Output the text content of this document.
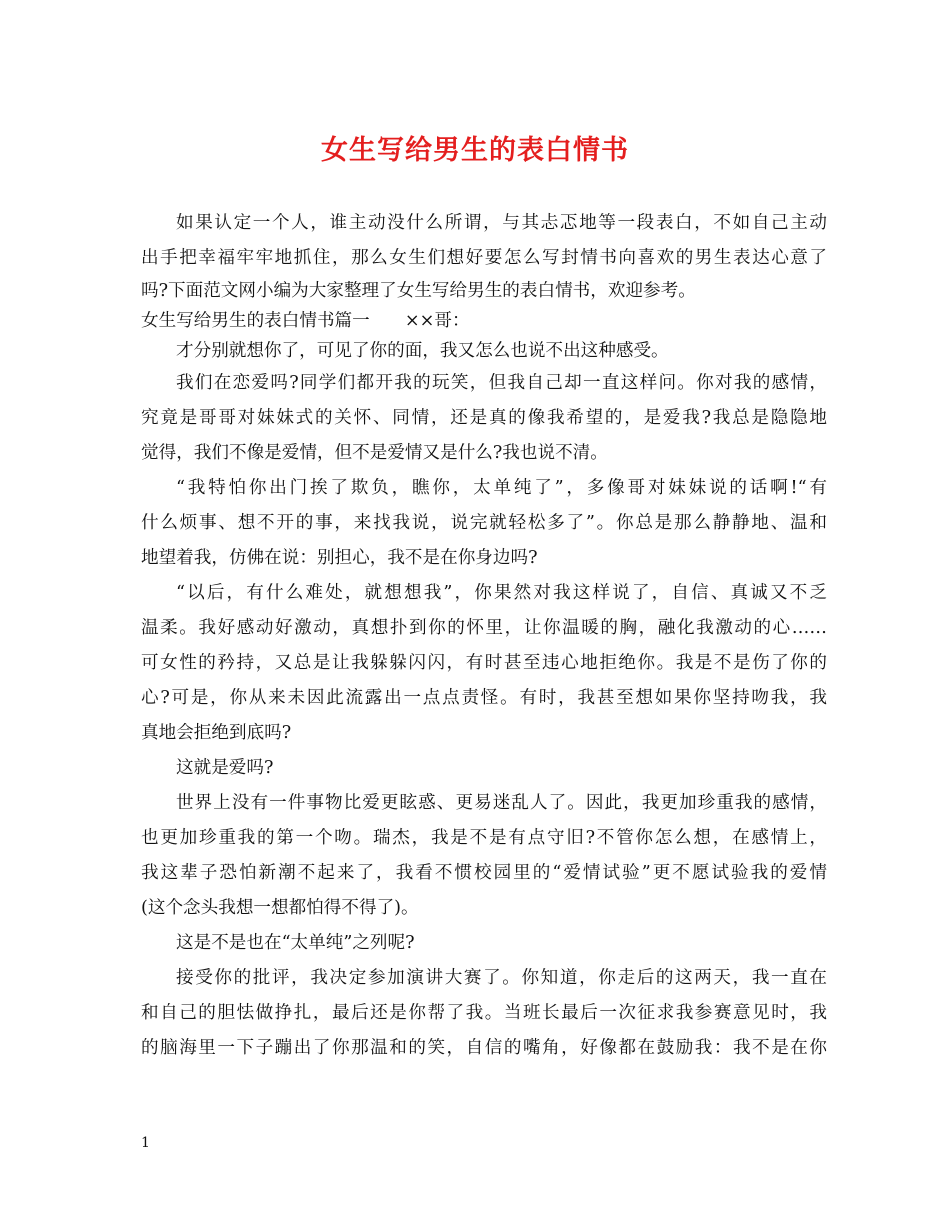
女生写给男生的表白情书
如果认定一个人，谁主动没什么所谓，与其忐忑地等一段表白，不如自己主动
出手把幸福牢牢地抓住，那么女生们想好要怎么写封情书向喜欢的男生表达心意了
吗?下面范文网小编为大家整理了女生写给男生的表白情书，欢迎参考。
女生写给男生的表白情书篇一　　××哥：
才分别就想你了，可见了你的面，我又怎么也说不出这种感受。
我们在恋爱吗?同学们都开我的玩笑，但我自己却一直这样问。你对我的感情，
究竟是哥哥对妹妹式的关怀、同情，还是真的像我希望的，是爱我?我总是隐隐地
觉得，我们不像是爱情，但不是爱情又是什么?我也说不清。
“我特怕你出门挨了欺负，瞧你，太单纯了”，多像哥对妹妹说的话啊!“有
什么烦事、想不开的事，来找我说，说完就轻松多了”。你总是那么静静地、温和
地望着我，仿佛在说：别担心，我不是在你身边吗?
“以后，有什么难处，就想想我”，你果然对我这样说了，自信、真诚又不乏
温柔。我好感动好激动，真想扑到你的怀里，让你温暖的胸，融化我激动的心……
可女性的矜持，又总是让我躲躲闪闪，有时甚至违心地拒绝你。我是不是伤了你的
心?可是，你从来未因此流露出一点点责怪。有时，我甚至想如果你坚持吻我，我
真地会拒绝到底吗?
这就是爱吗?
世界上没有一件事物比爱更眩惑、更易迷乱人了。因此，我更加珍重我的感情，
也更加珍重我的第一个吻。瑞杰，我是不是有点守旧?不管你怎么想，在感情上，
我这辈子恐怕新潮不起来了，我看不惯校园里的“爱情试验”更不愿试验我的爱情
(这个念头我想一想都怕得不得了)。
这是不是也在“太单纯”之列呢?
接受你的批评，我决定参加演讲大赛了。你知道，你走后的这两天，我一直在
和自己的胆怯做挣扎，最后还是你帮了我。当班长最后一次征求我参赛意见时，我
的脑海里一下子蹦出了你那温和的笑，自信的嘴角，好像都在鼓励我：我不是在你
1
